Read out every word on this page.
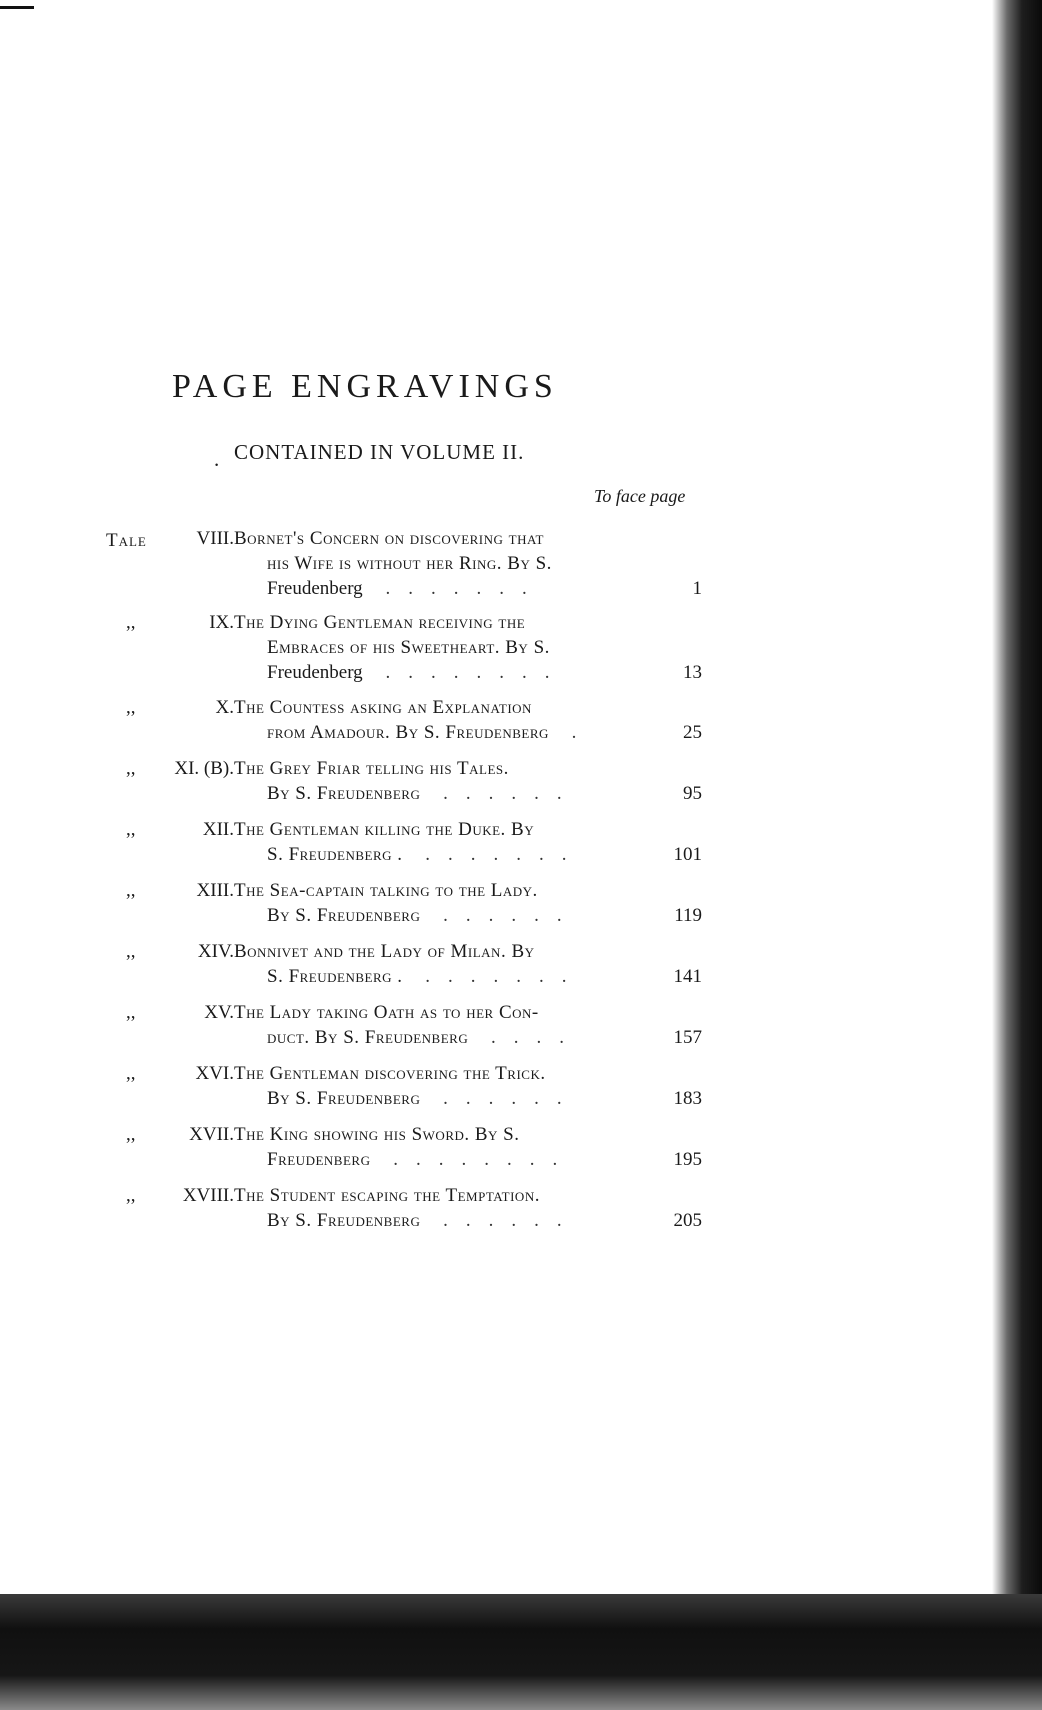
PAGE ENGRAVINGS
. CONTAINED IN VOLUME II.
To face page
Tale	VIII. Bornet's Concern on discovering that
his Wife is without her Ring. By S.
Freudenberg .......	1
,,	IX. The Dying Gentleman receiving the
Embraces of his Sweetheart. By S.
Freudenberg ........	13
,,	X. The Countess asking an Explanation
from Amadour. By S. Freudenberg .	25
,, XI. (B). The Grey Friar telling his Tales.
By S. Freudenberg ......	95
,,	XII. The Gentleman killing the Duke. By
S. Freudenberg . .......	101
,,	XIII. The Sea-captain talking to the Lady.
By S. Freudenberg ......	119
,,	XIV. Bonnivet and the Lady of Milan. By
S. Freudenberg . .......	141
,,	XV. The Lady taking Oath as to her Con-
duct. By S. Freudenberg ....	157
,,	XVI. The Gentleman discovering the Trick.
By S. Freudenberg ......	183
,,	XVII. The King showing his Sword. By S.
Freudenberg ........	195
,, XVIII. The Student escaping the Temptation.
By S. Freudenberg ......	205
